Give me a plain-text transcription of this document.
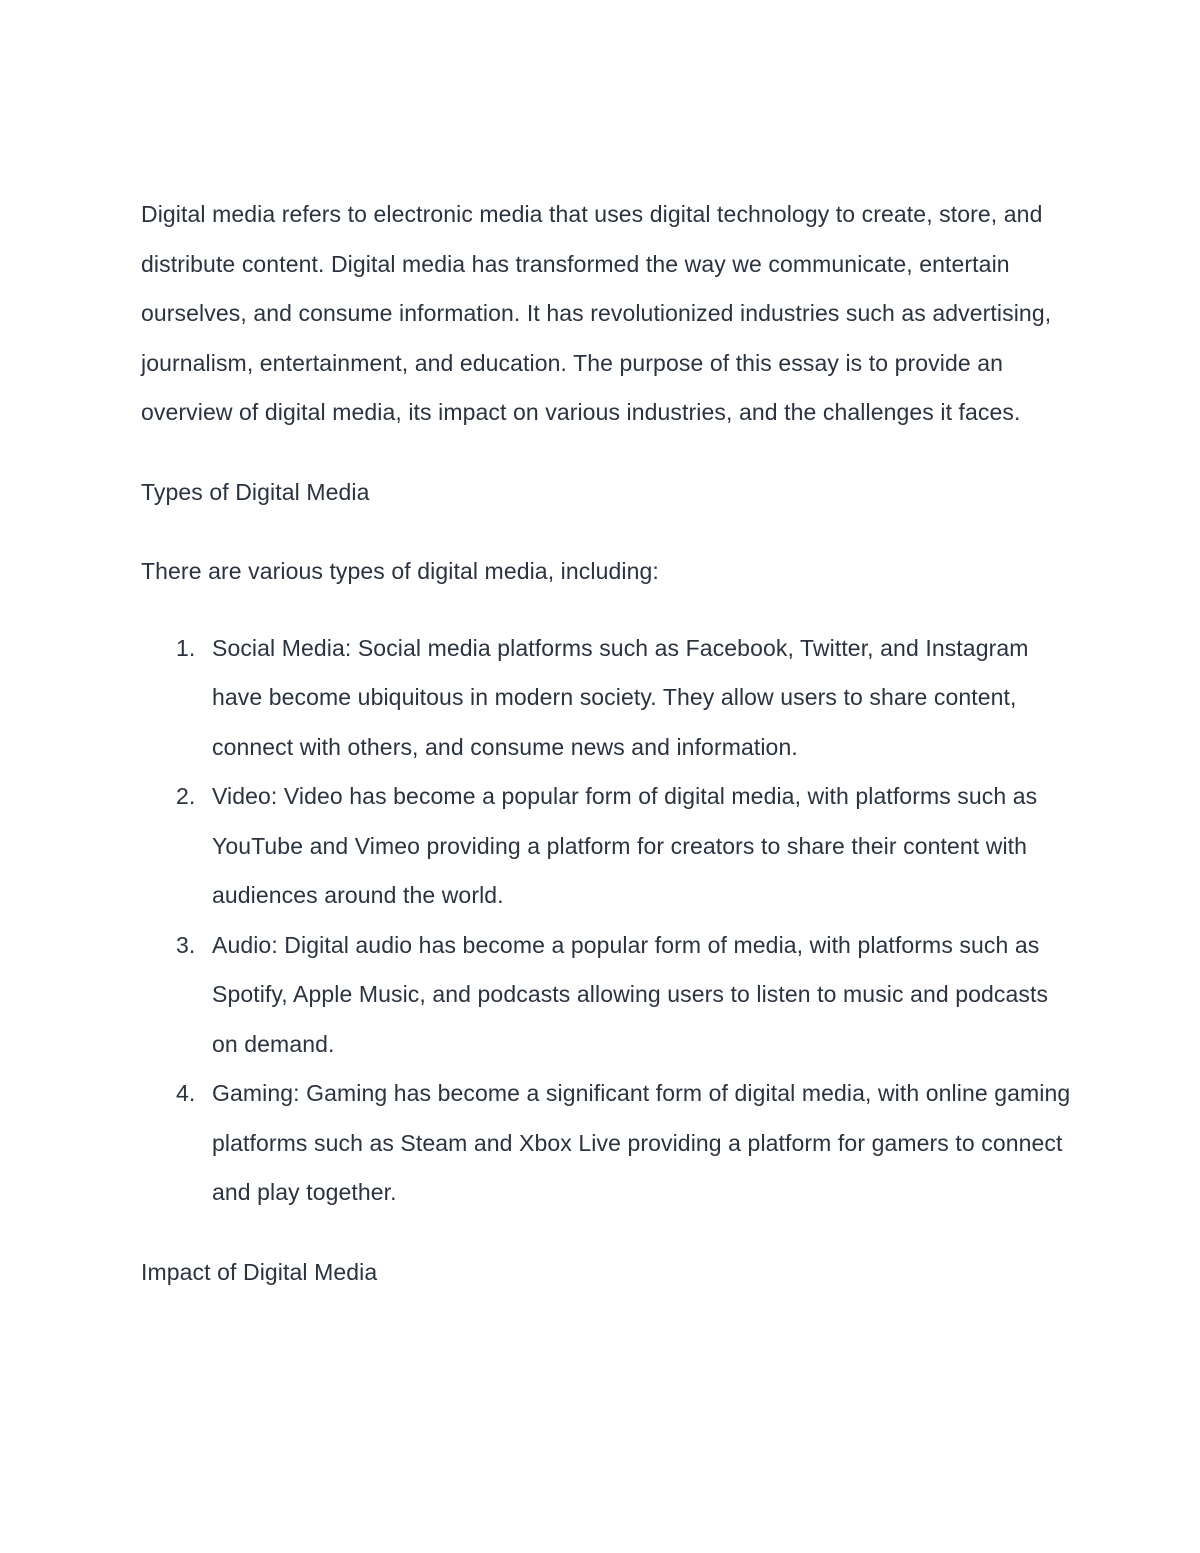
Digital media refers to electronic media that uses digital technology to create, store, and distribute content. Digital media has transformed the way we communicate, entertain ourselves, and consume information. It has revolutionized industries such as advertising, journalism, entertainment, and education. The purpose of this essay is to provide an overview of digital media, its impact on various industries, and the challenges it faces.

Types of Digital Media

There are various types of digital media, including:

1. Social Media: Social media platforms such as Facebook, Twitter, and Instagram have become ubiquitous in modern society. They allow users to share content, connect with others, and consume news and information.
2. Video: Video has become a popular form of digital media, with platforms such as YouTube and Vimeo providing a platform for creators to share their content with audiences around the world.
3. Audio: Digital audio has become a popular form of media, with platforms such as Spotify, Apple Music, and podcasts allowing users to listen to music and podcasts on demand.
4. Gaming: Gaming has become a significant form of digital media, with online gaming platforms such as Steam and Xbox Live providing a platform for gamers to connect and play together.

Impact of Digital Media
